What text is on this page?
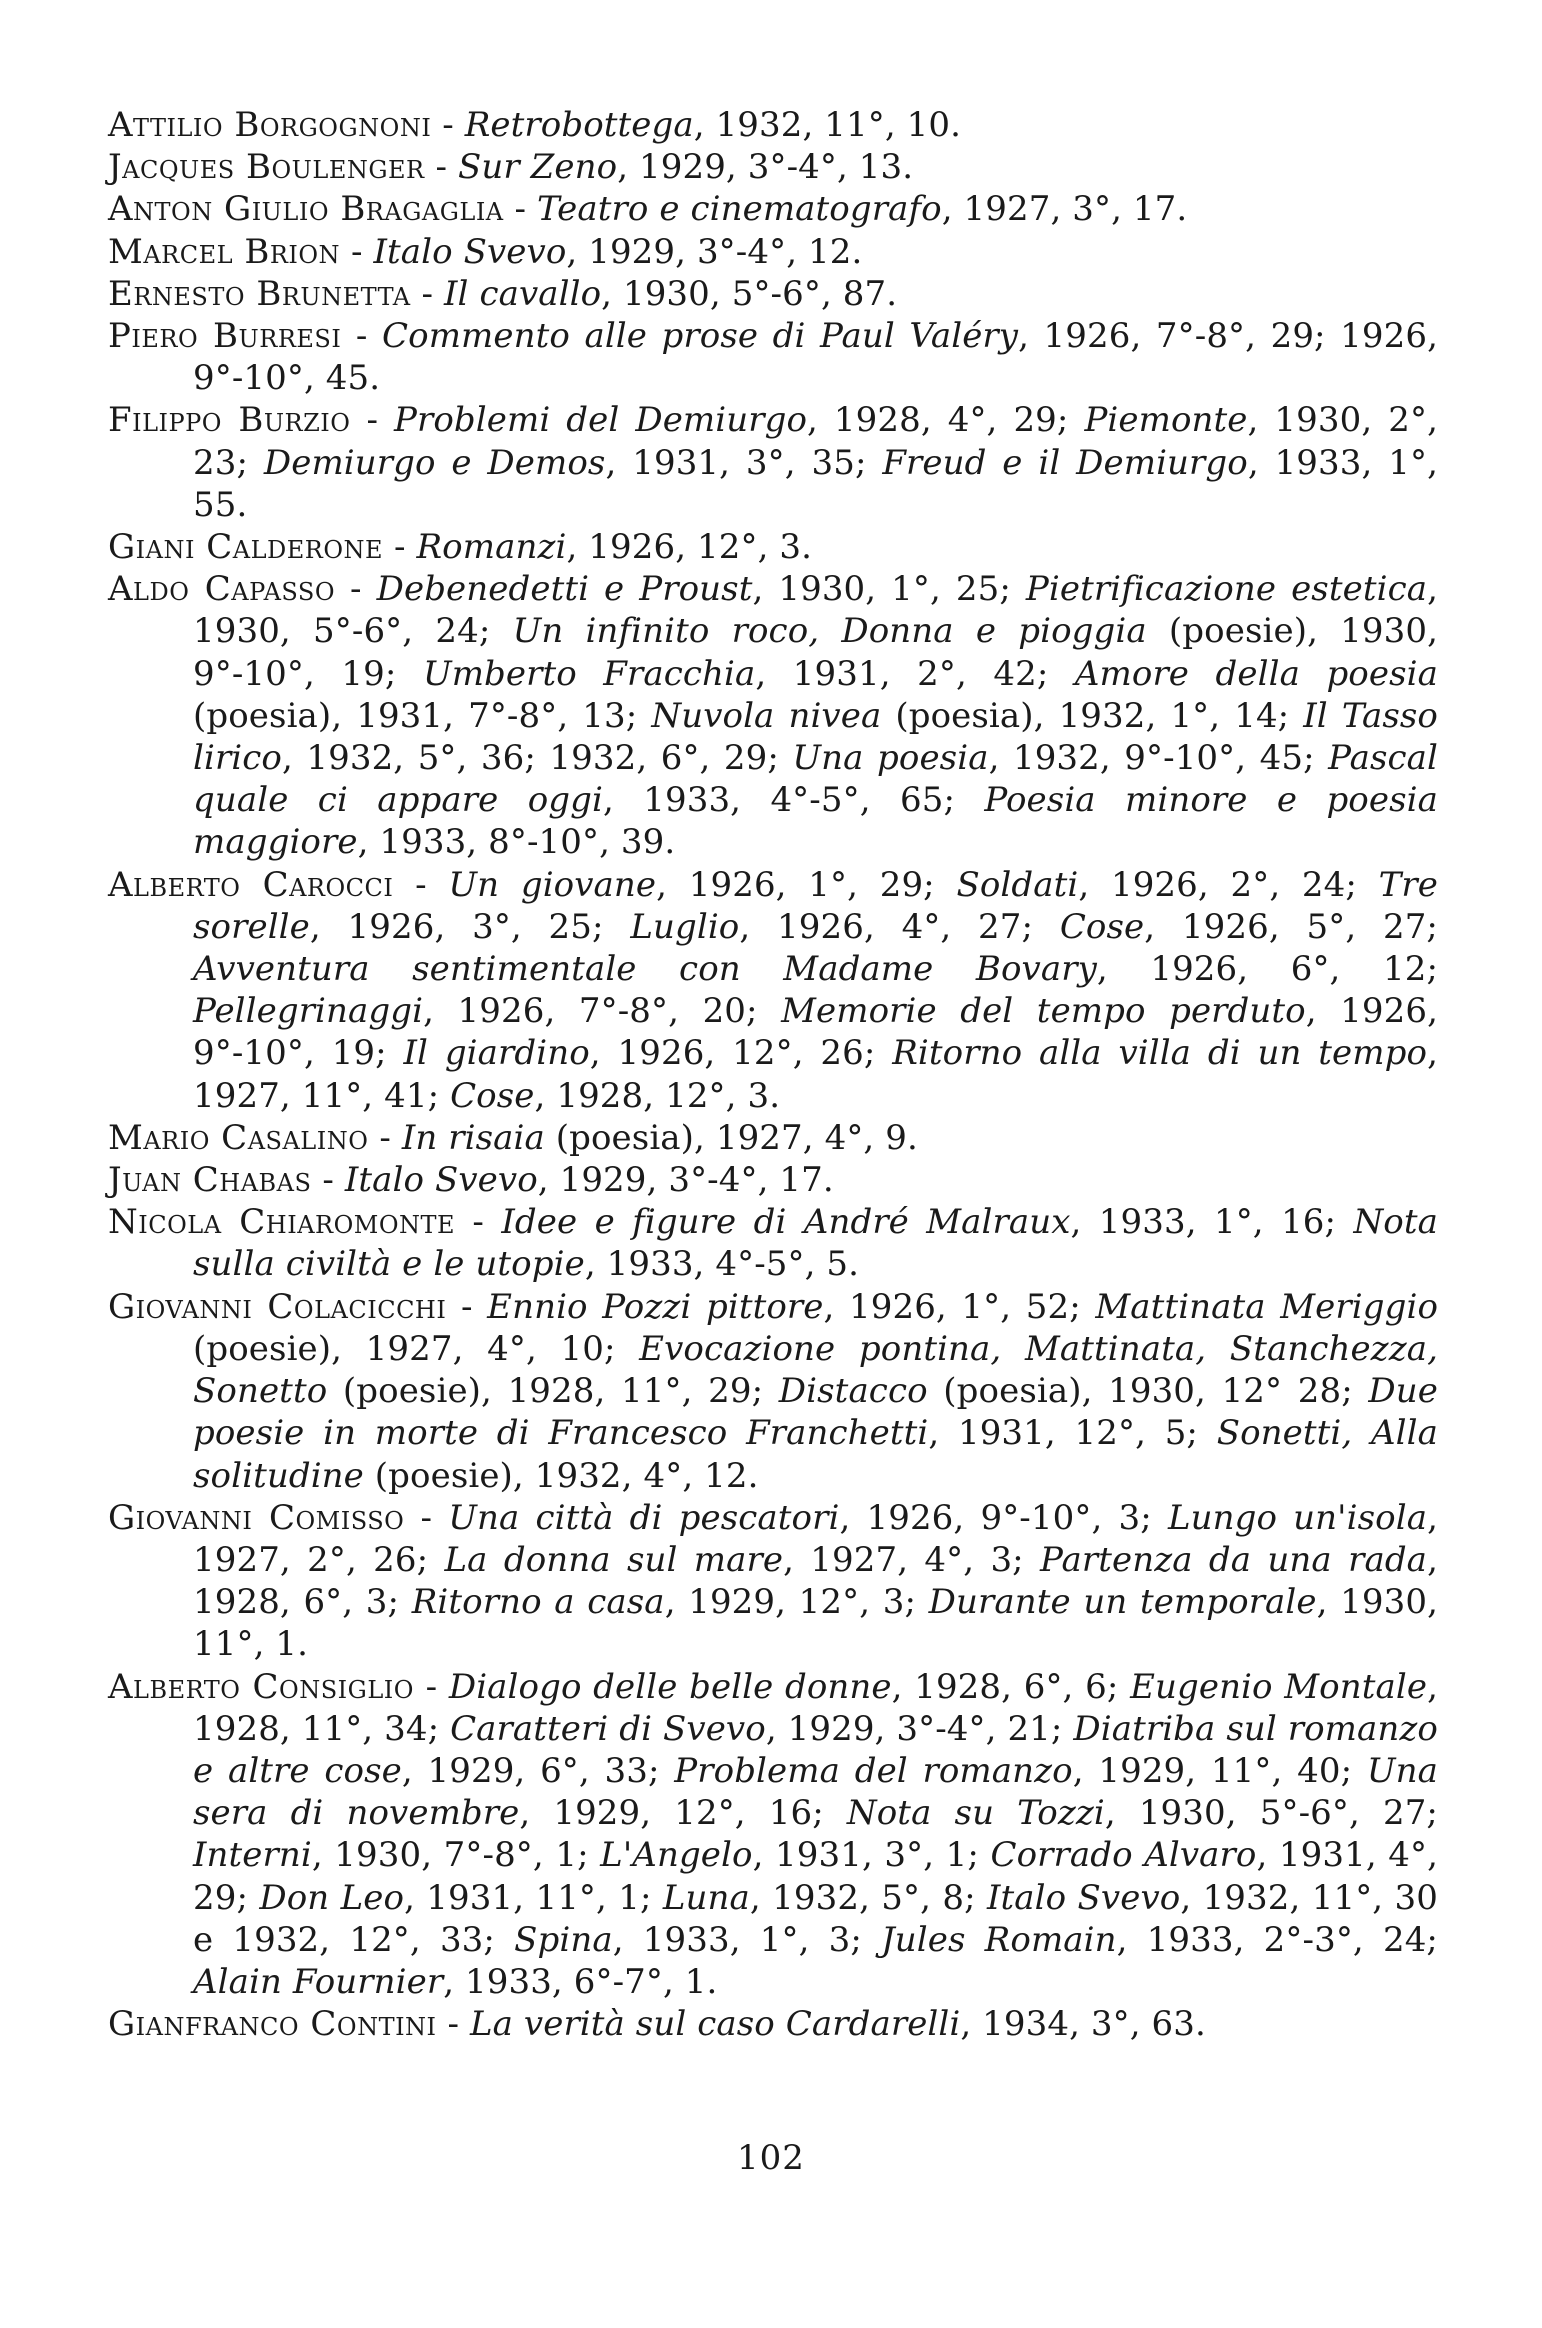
Attilio Borgognoni - Retrobottega, 1932, 11°, 10.

Jacques Boulenger - Sur Zeno, 1929, 3°-4°, 13.

Anton Giulio Bragaglia - Teatro e cinematografo, 1927, 3°, 17.

Marcel Brion - Italo Svevo, 1929, 3°-4°, 12.

Ernesto Brunetta - Il cavallo, 1930, 5°-6°, 87.

Piero Burresi - Commento alle prose di Paul Valéry, 1926, 7°-8°, 29; 1926, 9°-10°, 45.

Filippo Burzio - Problemi del Demiurgo, 1928, 4°, 29; Piemonte, 1930, 2°, 23; Demiurgo e Demos, 1931, 3°, 35; Freud e il Demiurgo, 1933, 1°, 55.

Giani Calderone - Romanzi, 1926, 12°, 3.

Aldo Capasso - Debenedetti e Proust, 1930, 1°, 25; Pietrificazione estetica, 1930, 5°-6°, 24; Un infinito roco, Donna e pioggia (poesie), 1930, 9°-10°, 19; Umberto Fracchia, 1931, 2°, 42; Amore della poesia (poesia), 1931, 7°-8°, 13; Nuvola nivea (poesia), 1932, 1°, 14; Il Tasso lirico, 1932, 5°, 36; 1932, 6°, 29; Una poesia, 1932, 9°-10°, 45; Pascal quale ci appare oggi, 1933, 4°-5°, 65; Poesia minore e poesia maggiore, 1933, 8°-10°, 39.

Alberto Carocci - Un giovane, 1926, 1°, 29; Soldati, 1926, 2°, 24; Tre sorelle, 1926, 3°, 25; Luglio, 1926, 4°, 27; Cose, 1926, 5°, 27; Avventura sentimentale con Madame Bovary, 1926, 6°, 12; Pellegrinaggi, 1926, 7°-8°, 20; Memorie del tempo perduto, 1926, 9°-10°, 19; Il giardino, 1926, 12°, 26; Ritorno alla villa di un tempo, 1927, 11°, 41; Cose, 1928, 12°, 3.

Mario Casalino - In risaia (poesia), 1927, 4°, 9.

Juan Chabas - Italo Svevo, 1929, 3°-4°, 17.

Nicola Chiaromonte - Idee e figure di André Malraux, 1933, 1°, 16; Nota sulla civiltà e le utopie, 1933, 4°-5°, 5.

Giovanni Colacicchi - Ennio Pozzi pittore, 1926, 1°, 52; Mattinata Meriggio (poesie), 1927, 4°, 10; Evocazione pontina, Mattinata, Stanchezza, Sonetto (poesie), 1928, 11°, 29; Distacco (poesia), 1930, 12° 28; Due poesie in morte di Francesco Franchetti, 1931, 12°, 5; Sonetti, Alla solitudine (poesie), 1932, 4°, 12.

Giovanni Comisso - Una città di pescatori, 1926, 9°-10°, 3; Lungo un'isola, 1927, 2°, 26; La donna sul mare, 1927, 4°, 3; Partenza da una rada, 1928, 6°, 3; Ritorno a casa, 1929, 12°, 3; Durante un temporale, 1930, 11°, 1.

Alberto Consiglio - Dialogo delle belle donne, 1928, 6°, 6; Eugenio Montale, 1928, 11°, 34; Caratteri di Svevo, 1929, 3°-4°, 21; Diatriba sul romanzo e altre cose, 1929, 6°, 33; Problema del romanzo, 1929, 11°, 40; Una sera di novembre, 1929, 12°, 16; Nota su Tozzi, 1930, 5°-6°, 27; Interni, 1930, 7°-8°, 1; L'Angelo, 1931, 3°, 1; Corrado Alvaro, 1931, 4°, 29; Don Leo, 1931, 11°, 1; Luna, 1932, 5°, 8; Italo Svevo, 1932, 11°, 30 e 1932, 12°, 33; Spina, 1933, 1°, 3; Jules Romain, 1933, 2°-3°, 24; Alain Fournier, 1933, 6°-7°, 1.

Gianfranco Contini - La verità sul caso Cardarelli, 1934, 3°, 63.

102
